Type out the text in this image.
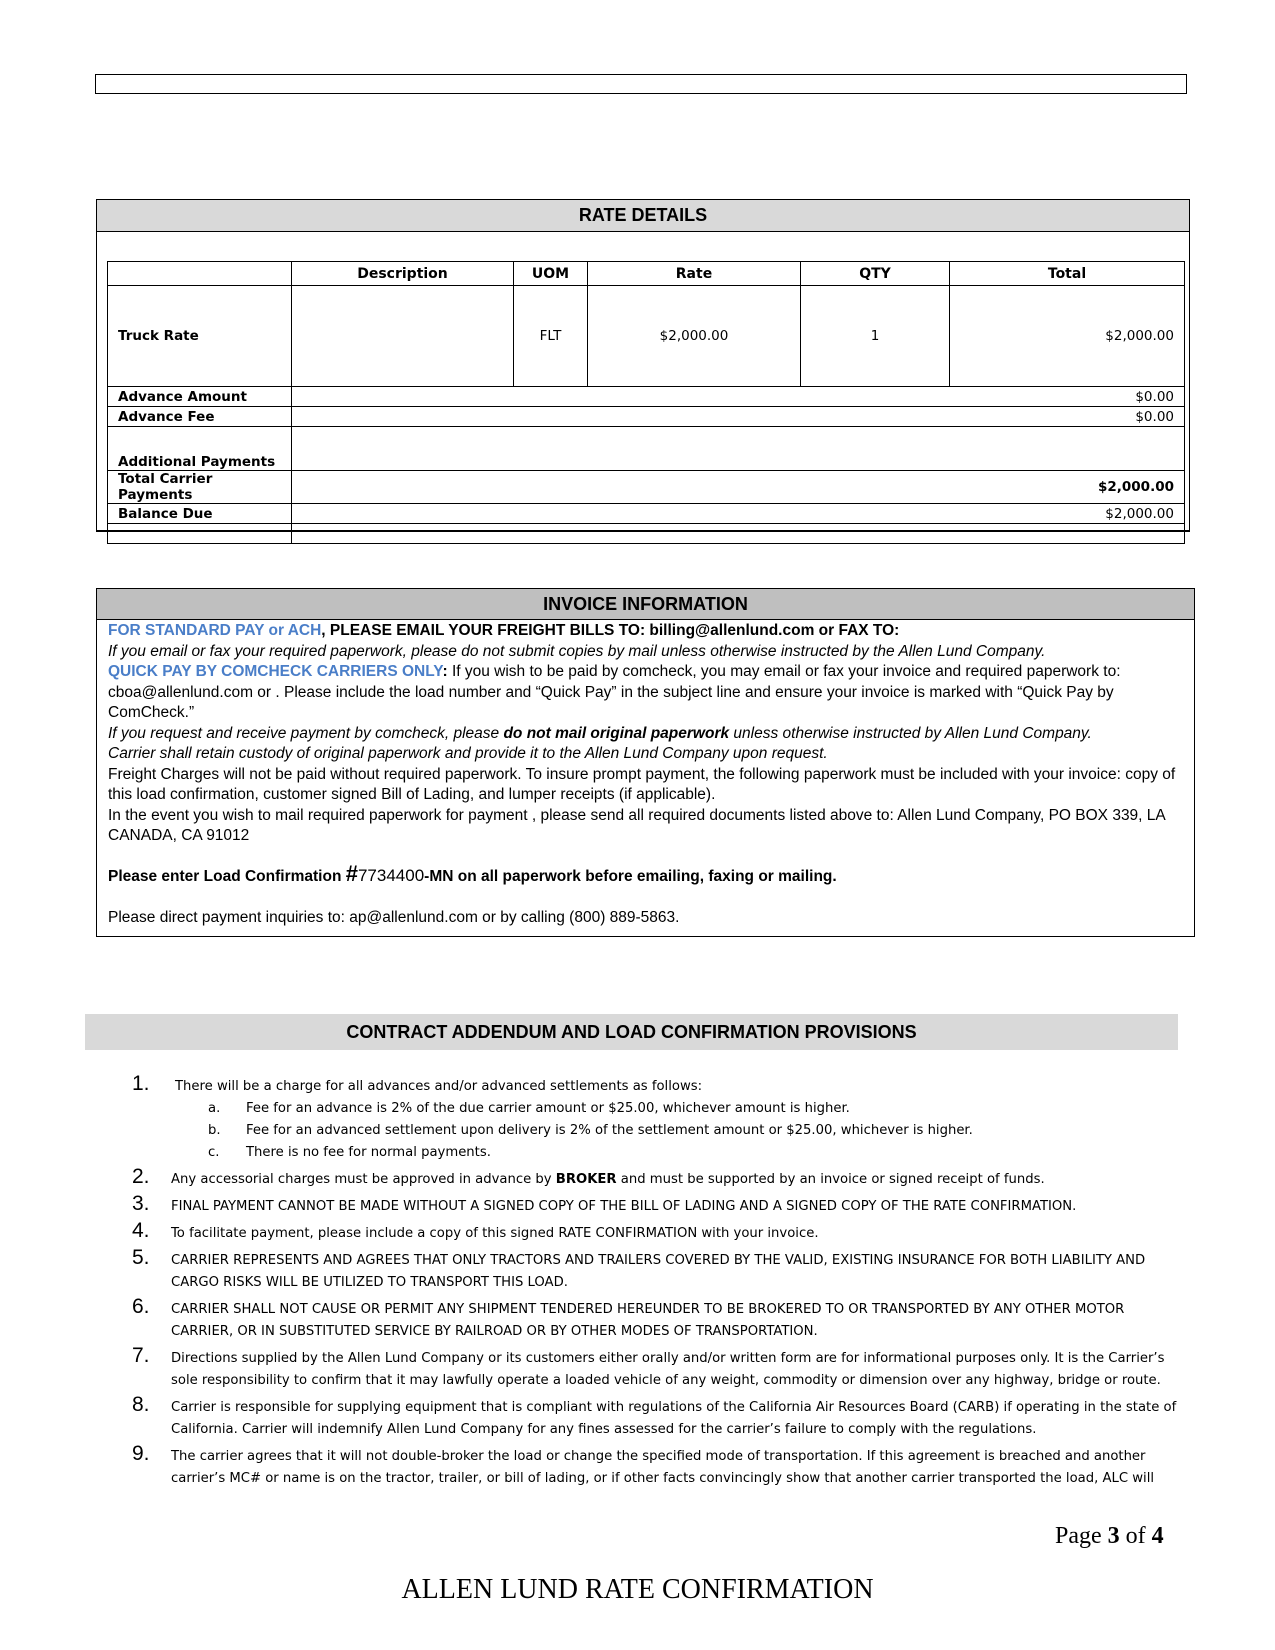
RATE DETAILS
	Description	UOM	Rate	QTY	Total
Truck Rate		FLT	$2,000.00	1	$2,000.00
Advance Amount	$0.00				
Advance Fee	$0.00				
Additional Payments					
Total Carrier Payments	$2,000.00				
Balance Due	$2,000.00				

INVOICE INFORMATION

FOR STANDARD PAY or ACH, PLEASE EMAIL YOUR FREIGHT BILLS TO: billing@allenlund.com or FAX TO:

If you email or fax your required paperwork, please do not submit copies by mail unless otherwise instructed by the Allen Lund Company.

QUICK PAY BY COMCHECK CARRIERS ONLY: If you wish to be paid by comcheck, you may email or fax your invoice and required paperwork to: cboa@allenlund.com or . Please include the load number and “Quick Pay” in the subject line and ensure your invoice is marked with “Quick Pay by ComCheck.”

If you request and receive payment by comcheck, please do not mail original paperwork unless otherwise instructed by Allen Lund Company.

Carrier shall retain custody of original paperwork and provide it to the Allen Lund Company upon request.

Freight Charges will not be paid without required paperwork. To insure prompt payment, the following paperwork must be included with your invoice: copy of this load confirmation, customer signed Bill of Lading, and lumper receipts (if applicable).

In the event you wish to mail required paperwork for payment , please send all required documents listed above to: Allen Lund Company, PO BOX 339, LA CANADA, CA 91012

Please enter Load Confirmation #7734400-MN on all paperwork before emailing, faxing or mailing.

Please direct payment inquiries to: ap@allenlund.com or by calling (800) 889-5863.

CONTRACT ADDENDUM AND LOAD CONFIRMATION PROVISIONS
1. There will be a charge for all advances and/or advanced settlements as follows:
a. Fee for an advance is 2% of the due carrier amount or $25.00, whichever amount is higher.
b. Fee for an advanced settlement upon delivery is 2% of the settlement amount or $25.00, whichever is higher.
c. There is no fee for normal payments.
2. Any accessorial charges must be approved in advance by BROKER and must be supported by an invoice or signed receipt of funds.
3. FINAL PAYMENT CANNOT BE MADE WITHOUT A SIGNED COPY OF THE BILL OF LADING AND A SIGNED COPY OF THE RATE CONFIRMATION.
4. To facilitate payment, please include a copy of this signed RATE CONFIRMATION with your invoice.
5. CARRIER REPRESENTS AND AGREES THAT ONLY TRACTORS AND TRAILERS COVERED BY THE VALID, EXISTING INSURANCE FOR BOTH LIABILITY AND CARGO RISKS WILL BE UTILIZED TO TRANSPORT THIS LOAD.
6. CARRIER SHALL NOT CAUSE OR PERMIT ANY SHIPMENT TENDERED HEREUNDER TO BE BROKERED TO OR TRANSPORTED BY ANY OTHER MOTOR CARRIER, OR IN SUBSTITUTED SERVICE BY RAILROAD OR BY OTHER MODES OF TRANSPORTATION.
7. Directions supplied by the Allen Lund Company or its customers either orally and/or written form are for informational purposes only. It is the Carrier’s sole responsibility to confirm that it may lawfully operate a loaded vehicle of any weight, commodity or dimension over any highway, bridge or route.
8. Carrier is responsible for supplying equipment that is compliant with regulations of the California Air Resources Board (CARB) if operating in the state of California. Carrier will indemnify Allen Lund Company for any fines assessed for the carrier’s failure to comply with the regulations.
9. The carrier agrees that it will not double-broker the load or change the specified mode of transportation. If this agreement is breached and another carrier’s MC# or name is on the tractor, trailer, or bill of lading, or if other facts convincingly show that another carrier transported the load, ALC will
Page 3 of 4
ALLEN LUND RATE CONFIRMATION
